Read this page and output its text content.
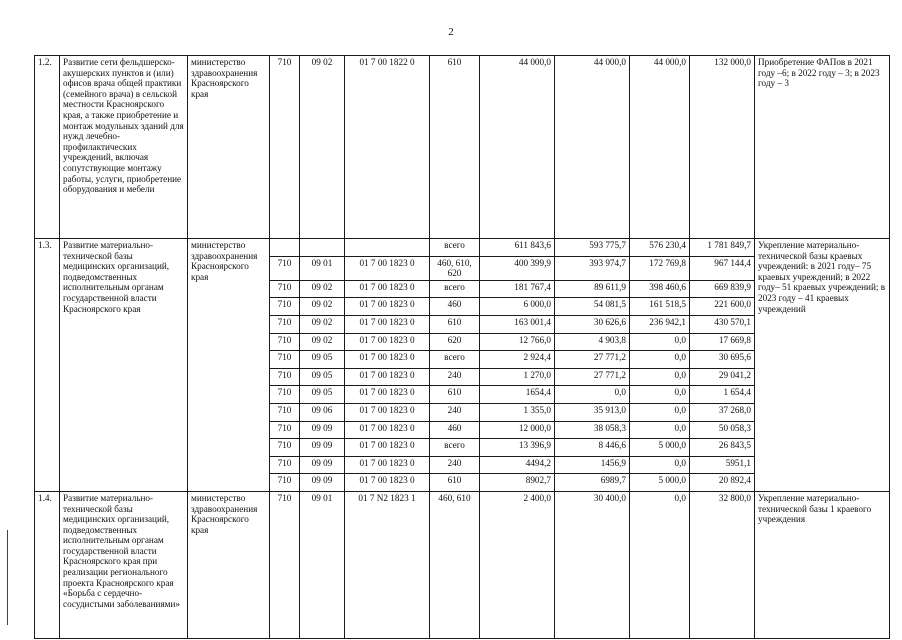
2
1.2.	Развитие сети фельдшерско-акушерских пунктов и (или) офисов врача общей практики (семейного врача) в сельской местности Красноярского края, а также приобретение и монтаж модульных зданий для нужд лечебно-профилактических учреждений, включая сопутствующие монтажу работы, услуги, приобретение оборудования и мебели	министерство здравоохранения Красноярского края	710	09 02	01 7 00 1822 0	610	44 000,0	44 000,0	44 000,0	132 000,0	Приобретение ФАПов в 2021 году –6; в 2022 году – 3; в 2023 году – 3
1.3.	Развитие материально-технической базы медицинских организаций, подведомственных исполнительным органам государственной власти Красноярского края	министерство здравоохранения Красноярского края				всего	611 843,6	593 775,7	576 230,4	1 781 849,7	Укрепление материально-технической базы краевых учреждений: в 2021 году– 75 краевых учреждений; в 2022 году– 51 краевых учреждений; в 2023 году – 41 краевых учреждений
			710	09 01	01 7 00 1823 0	460, 610, 620	400 399,9	393 974,7	172 769,8	967 144,4	
			710	09 02	01 7 00 1823 0	всего	181 767,4	89 611,9	398 460,6	669 839,9	
			710	09 02	01 7 00 1823 0	460	6 000,0	54 081,5	161 518,5	221 600,0	
			710	09 02	01 7 00 1823 0	610	163 001,4	30 626,6	236 942,1	430 570,1	
			710	09 02	01 7 00 1823 0	620	12 766,0	4 903,8	0,0	17 669,8	
			710	09 05	01 7 00 1823 0	всего	2 924,4	27 771,2	0,0	30 695,6	
			710	09 05	01 7 00 1823 0	240	1 270,0	27 771,2	0,0	29 041,2	
			710	09 05	01 7 00 1823 0	610	1654,4	0,0	0,0	1 654,4	
			710	09 06	01 7 00 1823 0	240	1 355,0	35 913,0	0,0	37 268,0	
			710	09 09	01 7 00 1823 0	460	12 000,0	38 058,3	0,0	50 058,3	
			710	09 09	01 7 00 1823 0	всего	13 396,9	8 446,6	5 000,0	26 843,5	
			710	09 09	01 7 00 1823 0	240	4494,2	1456,9	0,0	5951,1	
			710	09 09	01 7 00 1823 0	610	8902,7	6989,7	5 000,0	20 892,4	
1.4.	Развитие материально-технической базы медицинских организаций, подведомственных исполнительным органам государственной власти Красноярского края при реализации регионального проекта Красноярского края «Борьба с сердечно-сосудистыми заболеваниями»	министерство здравоохранения Красноярского края	710	09 01	01 7 N2 1823 1	460, 610	2 400,0	30 400,0	0,0	32 800,0	Укрепление материально-технической базы 1 краевого учреждения
